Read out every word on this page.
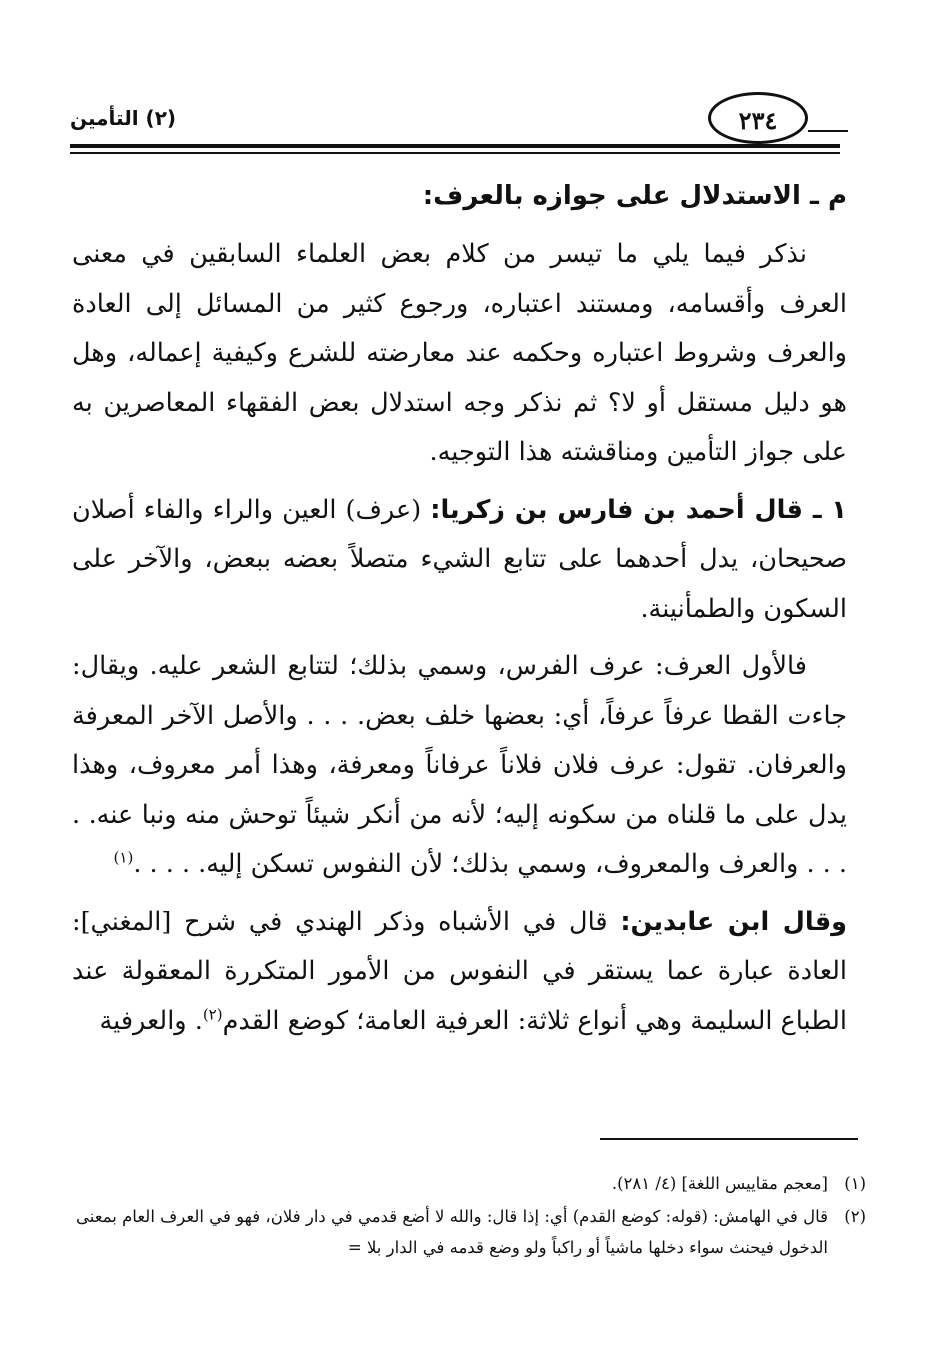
(٢) التأمين	٢٣٤
م ـ الاستدلال على جوازه بالعرف:

نذكر فيما يلي ما تيسر من كلام بعض العلماء السابقين في معنى العرف وأقسامه، ومستند اعتباره، ورجوع كثير من المسائل إلى العادة والعرف وشروط اعتباره وحكمه عند معارضته للشرع وكيفية إعماله، وهل هو دليل مستقل أو لا؟ ثم نذكر وجه استدلال بعض الفقهاء المعاصرين به على جواز التأمين ومناقشته هذا التوجيه.

١ ـ قال أحمد بن فارس بن زكريا: (عرف) العين والراء والفاء أصلان صحيحان، يدل أحدهما على تتابع الشيء متصلاً بعضه ببعض، والآخر على السكون والطمأنينة.

فالأول العرف: عرف الفرس، وسمي بذلك؛ لتتابع الشعر عليه. ويقال: جاءت القطا عرفاً عرفاً، أي: بعضها خلف بعض. . . . والأصل الآخر المعرفة والعرفان. تقول: عرف فلان فلاناً عرفاناً ومعرفة، وهذا أمر معروف، وهذا يدل على ما قلناه من سكونه إليه؛ لأنه من أنكر شيئاً توحش منه ونبا عنه. . . . . والعرف والمعروف، وسمي بذلك؛ لأن النفوس تسكن إليه. . . . .$^{(١)}$

وقال ابن عابدين: قال في الأشباه وذكر الهندي في شرح [المغني]: العادة عبارة عما يستقر في النفوس من الأمور المتكررة المعقولة عند الطباع السليمة وهي أنواع ثلاثة: العرفية العامة؛ كوضع القدم$^{(٢)}$. والعرفية

(١)
[معجم مقاييس اللغة] (٤/ ٢٨١).
(٢)
قال في الهامش: (قوله: كوضع القدم) أي: إذا قال: والله لا أضع قدمي في دار فلان، فهو في العرف العام بمعنى الدخول فيحنث سواء دخلها ماشياً أو راكباً ولو وضع قدمه في الدار بلا =
